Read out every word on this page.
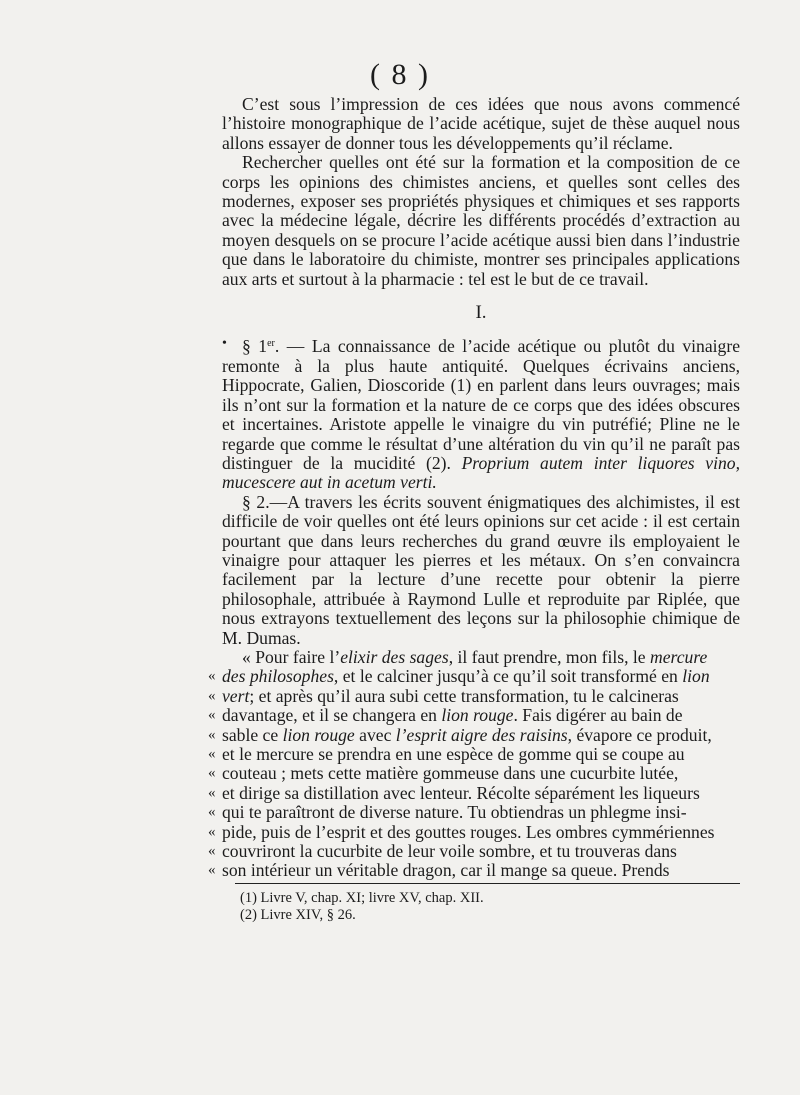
( 8 )

C’est sous l’impression de ces idées que nous avons commencé l’histoire monographique de l’acide acétique, sujet de thèse auquel nous allons essayer de donner tous les développements qu’il réclame.

Rechercher quelles ont été sur la formation et la composition de ce corps les opinions des chimistes anciens, et quelles sont celles des modernes, exposer ses propriétés physiques et chimiques et ses rapports avec la médecine légale, décrire les différents procédés d’extraction au moyen desquels on se procure l’acide acétique aussi bien dans l’industrie que dans le laboratoire du chimiste, montrer ses principales applications aux arts et surtout à la pharmacie : tel est le but de ce travail.

I.

• § 1er. — La connaissance de l’acide acétique ou plutôt du vinaigre remonte à la plus haute antiquité. Quelques écrivains anciens, Hippocrate, Galien, Dioscoride (1) en parlent dans leurs ouvrages; mais ils n’ont sur la formation et la nature de ce corps que des idées obscures et incertaines. Aristote appelle le vinaigre du vin putréfié; Pline ne le regarde que comme le résultat d’une altération du vin qu’il ne paraît pas distinguer de la mucidité (2). Proprium autem inter liquores vino, mucescere aut in acetum verti.

§ 2.—A travers les écrits souvent énigmatiques des alchimistes, il est difficile de voir quelles ont été leurs opinions sur cet acide : il est certain pourtant que dans leurs recherches du grand œuvre ils employaient le vinaigre pour attaquer les pierres et les métaux. On s’en convaincra facilement par la lecture d’une recette pour obtenir la pierre philosophale, attribuée à Raymond Lulle et reproduite par Riplée, que nous extrayons textuellement des leçons sur la philosophie chimique de M. Dumas.

« Pour faire l’elixir des sages, il faut prendre, mon fils, le mercure
« des philosophes, et le calciner jusqu’à ce qu’il soit transformé en lion
« vert; et après qu’il aura subi cette transformation, tu le calcineras
« davantage, et il se changera en lion rouge. Fais digérer au bain de
« sable ce lion rouge avec l’esprit aigre des raisins, évapore ce produit,
« et le mercure se prendra en une espèce de gomme qui se coupe au
« couteau ; mets cette matière gommeuse dans une cucurbite lutée,
« et dirige sa distillation avec lenteur. Récolte séparément les liqueurs
« qui te paraîtront de diverse nature. Tu obtiendras un phlegme insi-
« pide, puis de l’esprit et des gouttes rouges. Les ombres cymmériennes
« couvriront la cucurbite de leur voile sombre, et tu trouveras dans
« son intérieur un véritable dragon, car il mange sa queue. Prends

(1) Livre V, chap. XI; livre XV, chap. XII.

(2) Livre XIV, § 26.
